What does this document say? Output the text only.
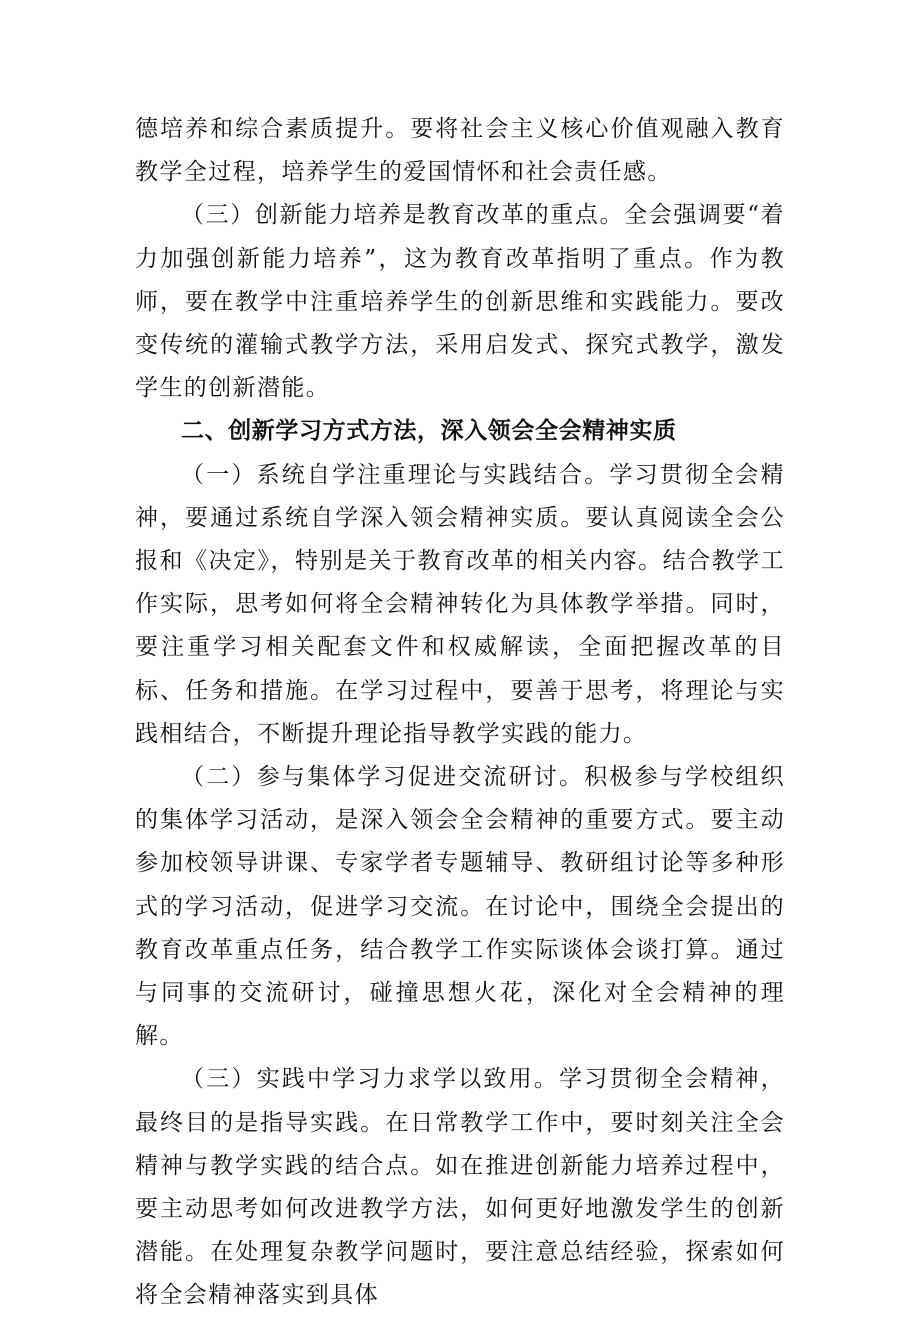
德培养和综合素质提升。要将社会主义核心价值观融入教育教学全过程，培养学生的爱国情怀和社会责任感。

（三）创新能力培养是教育改革的重点。全会强调要“着力加强创新能力培养”，这为教育改革指明了重点。作为教师，要在教学中注重培养学生的创新思维和实践能力。要改变传统的灌输式教学方法，采用启发式、探究式教学，激发学生的创新潜能。

二、创新学习方式方法，深入领会全会精神实质

（一）系统自学注重理论与实践结合。学习贯彻全会精神，要通过系统自学深入领会精神实质。要认真阅读全会公报和《决定》，特别是关于教育改革的相关内容。结合教学工作实际，思考如何将全会精神转化为具体教学举措。同时，要注重学习相关配套文件和权威解读，全面把握改革的目标、任务和措施。在学习过程中，要善于思考，将理论与实践相结合，不断提升理论指导教学实践的能力。

（二）参与集体学习促进交流研讨。积极参与学校组织的集体学习活动，是深入领会全会精神的重要方式。要主动参加校领导讲课、专家学者专题辅导、教研组讨论等多种形式的学习活动，促进学习交流。在讨论中，围绕全会提出的教育改革重点任务，结合教学工作实际谈体会谈打算。通过与同事的交流研讨，碰撞思想火花，深化对全会精神的理解。

（三）实践中学习力求学以致用。学习贯彻全会精神，最终目的是指导实践。在日常教学工作中，要时刻关注全会精神与教学实践的结合点。如在推进创新能力培养过程中，要主动思考如何改进教学方法，如何更好地激发学生的创新潜能。在处理复杂教学问题时，要注意总结经验，探索如何将全会精神落实到具体
